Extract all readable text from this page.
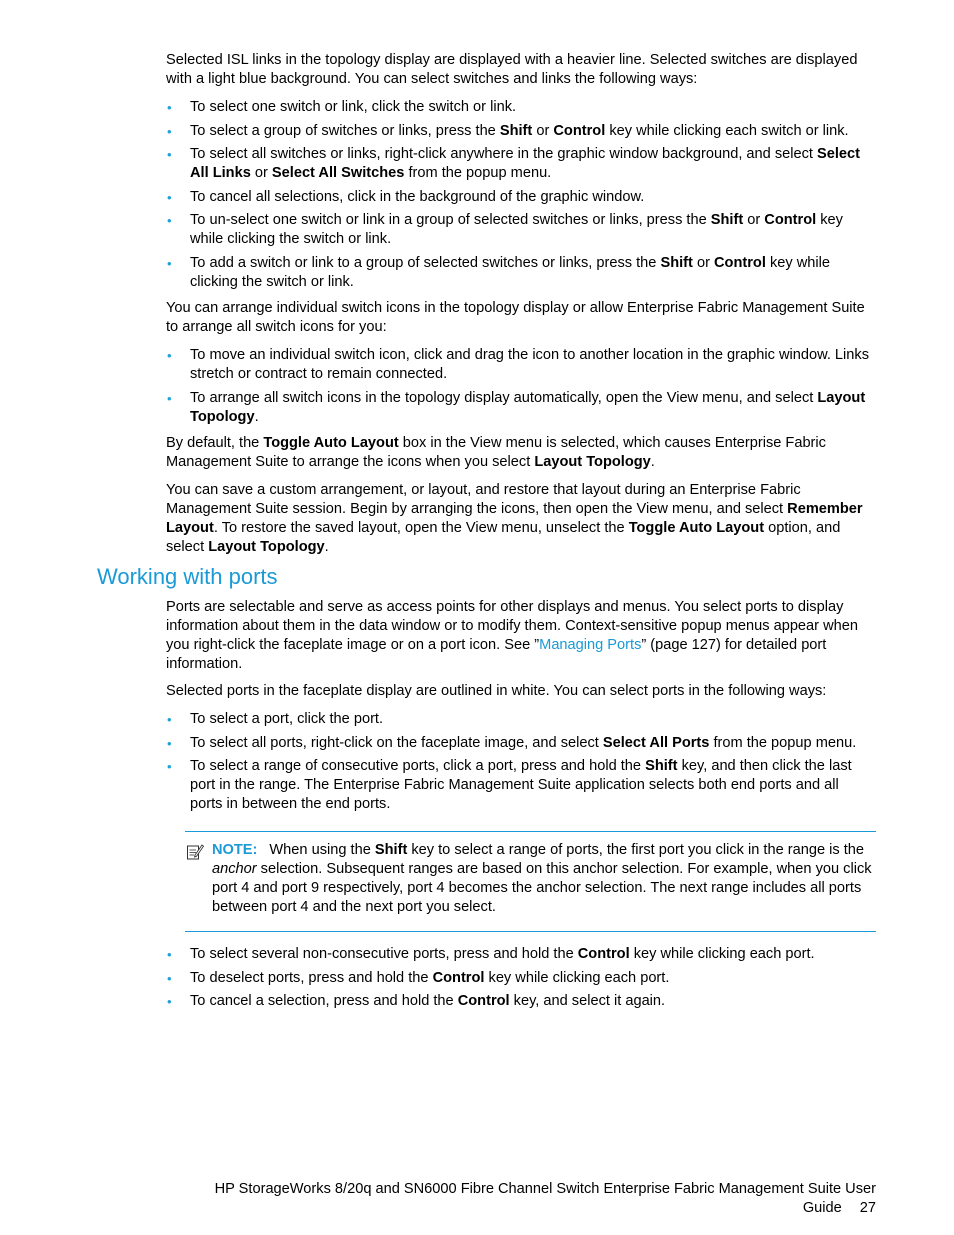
Selected ISL links in the topology display are displayed with a heavier line. Selected switches are displayed with a light blue background. You can select switches and links the following ways:

• To select one switch or link, click the switch or link.
• To select a group of switches or links, press the Shift or Control key while clicking each switch or link.
• To select all switches or links, right-click anywhere in the graphic window background, and select Select All Links or Select All Switches from the popup menu.
• To cancel all selections, click in the background of the graphic window.
• To un-select one switch or link in a group of selected switches or links, press the Shift or Control key while clicking the switch or link.
• To add a switch or link to a group of selected switches or links, press the Shift or Control key while clicking the switch or link.

You can arrange individual switch icons in the topology display or allow Enterprise Fabric Management Suite to arrange all switch icons for you:

• To move an individual switch icon, click and drag the icon to another location in the graphic window. Links stretch or contract to remain connected.
• To arrange all switch icons in the topology display automatically, open the View menu, and select Layout Topology.

By default, the Toggle Auto Layout box in the View menu is selected, which causes Enterprise Fabric Management Suite to arrange the icons when you select Layout Topology.

You can save a custom arrangement, or layout, and restore that layout during an Enterprise Fabric Management Suite session. Begin by arranging the icons, then open the View menu, and select Remember Layout. To restore the saved layout, open the View menu, unselect the Toggle Auto Layout option, and select Layout Topology.

Working with ports

Ports are selectable and serve as access points for other displays and menus. You select ports to display information about them in the data window or to modify them. Context-sensitive popup menus appear when you right-click the faceplate image or on a port icon. See ”Managing Ports” (page 127) for detailed port information.

Selected ports in the faceplate display are outlined in white. You can select ports in the following ways:

• To select a port, click the port.
• To select all ports, right-click on the faceplate image, and select Select All Ports from the popup menu.
• To select a range of consecutive ports, click a port, press and hold the Shift key, and then click the last port in the range. The Enterprise Fabric Management Suite application selects both end ports and all ports in between the end ports.
NOTE: When using the Shift key to select a range of ports, the first port you click in the range is the anchor selection. Subsequent ranges are based on this anchor selection. For example, when you click port 4 and port 9 respectively, port 4 becomes the anchor selection. The next range includes all ports between port 4 and the next port you select.
• To select several non-consecutive ports, press and hold the Control key while clicking each port.
• To deselect ports, press and hold the Control key while clicking each port.
• To cancel a selection, press and hold the Control key, and select it again.
HP StorageWorks 8/20q and SN6000 Fibre Channel Switch Enterprise Fabric Management Suite User Guide 27
